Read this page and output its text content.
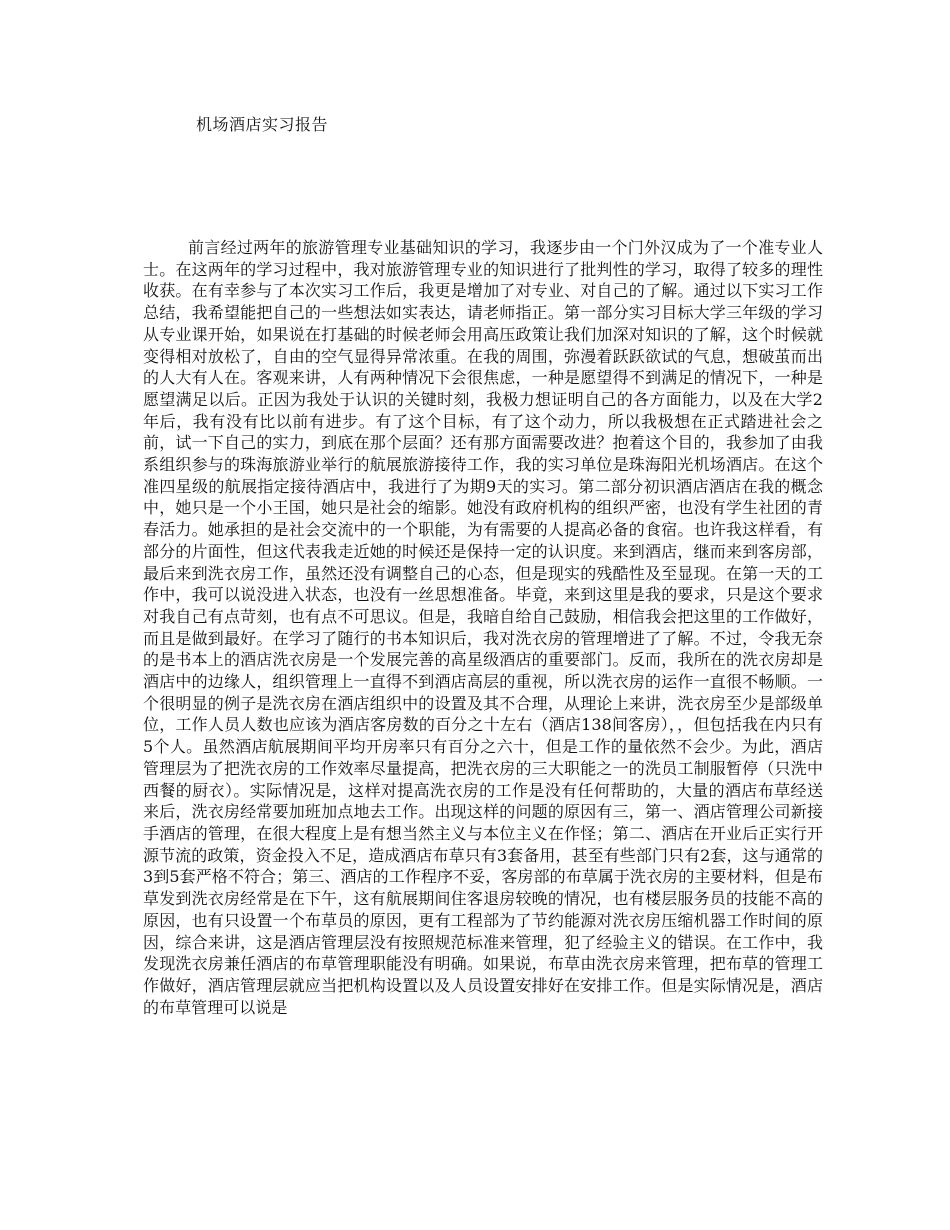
机场酒店实习报告

前言经过两年的旅游管理专业基础知识的学习，我逐步由一个门外汉成为了一个准专业人士。在这两年的学习过程中，我对旅游管理专业的知识进行了批判性的学习，取得了较多的理性收获。在有幸参与了本次实习工作后，我更是增加了对专业、对自己的了解。通过以下实习工作总结，我希望能把自己的一些想法如实表达，请老师指正。第一部分实习目标大学三年级的学习从专业课开始，如果说在打基础的时候老师会用高压政策让我们加深对知识的了解，这个时候就变得相对放松了，自由的空气显得异常浓重。在我的周围，弥漫着跃跃欲试的气息，想破茧而出的人大有人在。客观来讲，人有两种情况下会很焦虑，一种是愿望得不到满足的情况下，一种是愿望满足以后。正因为我处于认识的关键时刻，我极力想证明自己的各方面能力，以及在大学2年后，我有没有比以前有进步。有了这个目标，有了这个动力，所以我极想在正式踏进社会之前，试一下自己的实力，到底在那个层面？还有那方面需要改进？抱着这个目的，我参加了由我系组织参与的珠海旅游业举行的航展旅游接待工作，我的实习单位是珠海阳光机场酒店。在这个准四星级的航展指定接待酒店中，我进行了为期9天的实习。第二部分初识酒店酒店在我的概念中，她只是一个小王国，她只是社会的缩影。她没有政府机构的组织严密，也没有学生社团的青春活力。她承担的是社会交流中的一个职能，为有需要的人提高必备的食宿。也许我这样看，有部分的片面性，但这代表我走近她的时候还是保持一定的认识度。来到酒店，继而来到客房部，最后来到洗衣房工作，虽然还没有调整自己的心态，但是现实的残酷性及至显现。在第一天的工作中，我可以说没进入状态，也没有一丝思想准备。毕竟，来到这里是我的要求，只是这个要求对我自己有点苛刻，也有点不可思议。但是，我暗自给自己鼓励，相信我会把这里的工作做好，而且是做到最好。在学习了随行的书本知识后，我对洗衣房的管理增进了了解。不过，令我无奈的是书本上的酒店洗衣房是一个发展完善的高星级酒店的重要部门。反而，我所在的洗衣房却是酒店中的边缘人，组织管理上一直得不到酒店高层的重视，所以洗衣房的运作一直很不畅顺。一个很明显的例子是洗衣房在酒店组织中的设置及其不合理，从理论上来讲，洗衣房至少是部级单位，工作人员人数也应该为酒店客房数的百分之十左右（酒店138间客房），，但包括我在内只有5个人。虽然酒店航展期间平均开房率只有百分之六十，但是工作的量依然不会少。为此，酒店管理层为了把洗衣房的工作效率尽量提高，把洗衣房的三大职能之一的洗员工制服暂停（只洗中西餐的厨衣）。实际情况是，这样对提高洗衣房的工作是没有任何帮助的，大量的酒店布草经送来后，洗衣房经常要加班加点地去工作。出现这样的问题的原因有三，第一、酒店管理公司新接手酒店的管理，在很大程度上是有想当然主义与本位主义在作怪；第二、酒店在开业后正实行开源节流的政策，资金投入不足，造成酒店布草只有3套备用，甚至有些部门只有2套，这与通常的3到5套严格不符合；第三、酒店的工作程序不妥，客房部的布草属于洗衣房的主要材料，但是布草发到洗衣房经常是在下午，这有航展期间住客退房较晚的情况，也有楼层服务员的技能不高的原因，也有只设置一个布草员的原因，更有工程部为了节约能源对洗衣房压缩机器工作时间的原因，综合来讲，这是酒店管理层没有按照规范标准来管理，犯了经验主义的错误。在工作中，我发现洗衣房兼任酒店的布草管理职能没有明确。如果说，布草由洗衣房来管理，把布草的管理工作做好，酒店管理层就应当把机构设置以及人员设置安排好在安排工作。但是实际情况是，酒店的布草管理可以说是
